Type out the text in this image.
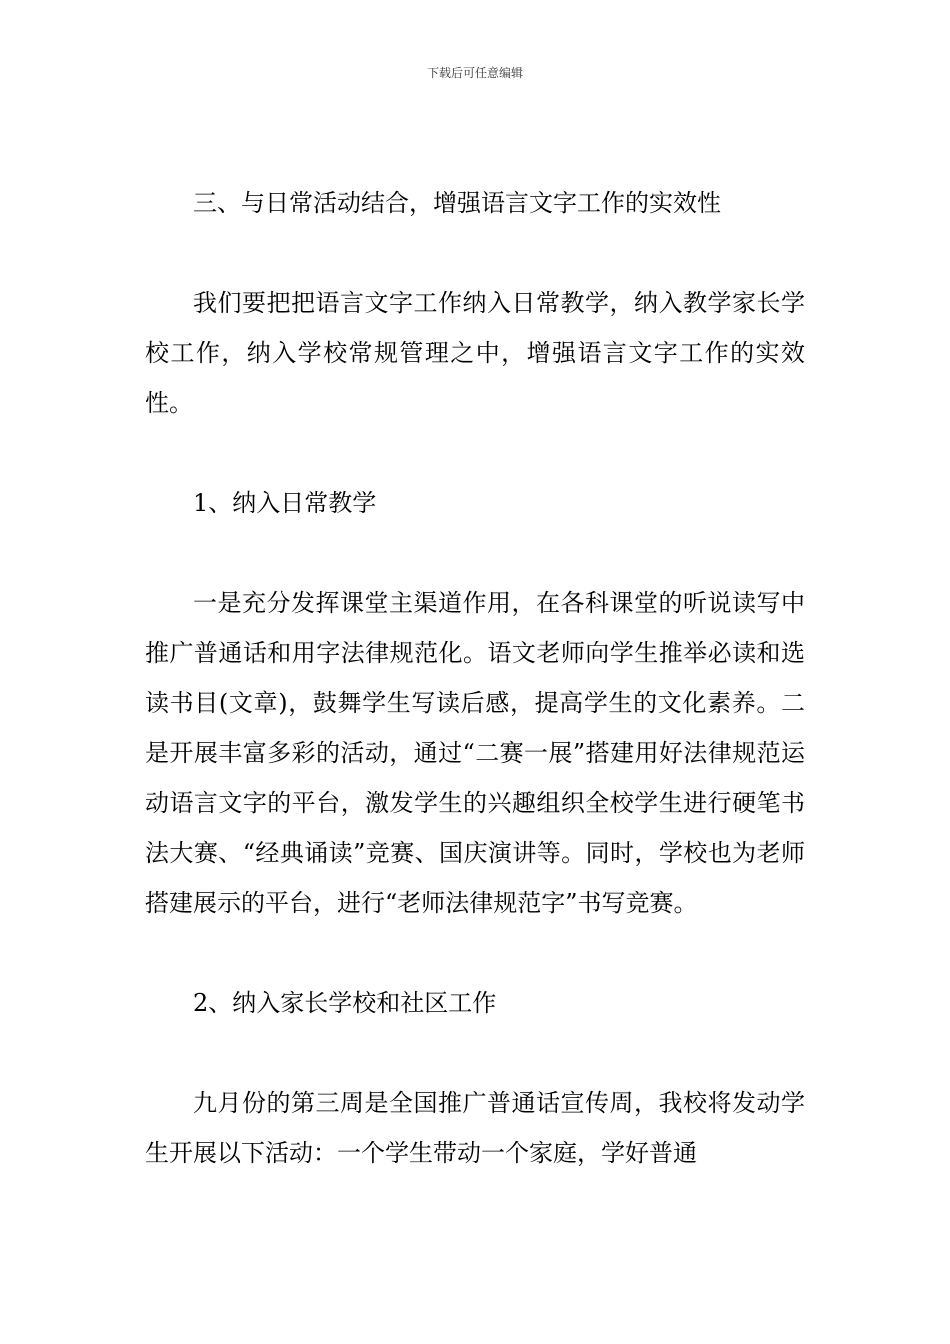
下载后可任意编辑

三、与日常活动结合，增强语言文字工作的实效性

我们要把把语言文字工作纳入日常教学，纳入教学家长学校工作，纳入学校常规管理之中，增强语言文字工作的实效性。

1、纳入日常教学

一是充分发挥课堂主渠道作用，在各科课堂的听说读写中推广普通话和用字法律规范化。语文老师向学生推举必读和选读书目(文章)，鼓舞学生写读后感，提高学生的文化素养。二是开展丰富多彩的活动，通过“二赛一展”搭建用好法律规范运动语言文字的平台，激发学生的兴趣组织全校学生进行硬笔书法大赛、“经典诵读”竞赛、国庆演讲等。同时，学校也为老师搭建展示的平台，进行“老师法律规范字”书写竞赛。

2、纳入家长学校和社区工作

九月份的第三周是全国推广普通话宣传周，我校将发动学生开展以下活动：一个学生带动一个家庭，学好普通
